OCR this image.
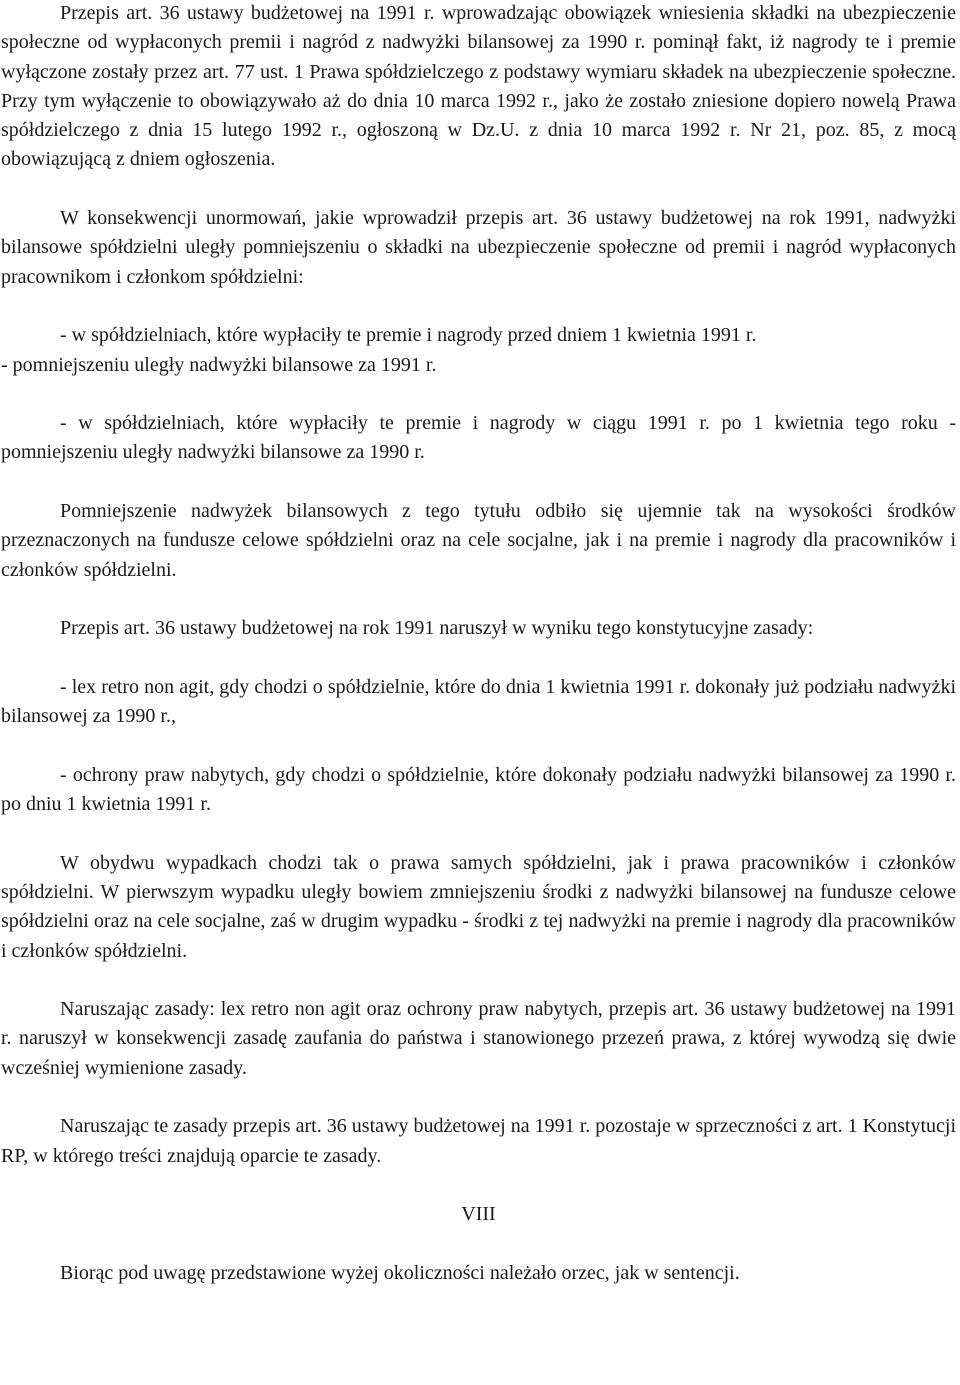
Przepis art. 36 ustawy budżetowej na 1991 r. wprowadzając obowiązek wniesienia składki na ubezpieczenie społeczne od wypłaconych premii i nagród z nadwyżki bilansowej za 1990 r. pominął fakt, iż nagrody te i premie wyłączone zostały przez art. 77 ust. 1 Prawa spółdzielczego z podstawy wymiaru składek na ubezpieczenie społeczne. Przy tym wyłączenie to obowiązywało aż do dnia 10 marca 1992 r., jako że zostało zniesione dopiero nowelą Prawa spółdzielczego z dnia 15 lutego 1992 r., ogłoszoną w Dz.U. z dnia 10 marca 1992 r. Nr 21, poz. 85, z mocą obowiązującą z dniem ogłoszenia.

W konsekwencji unormowań, jakie wprowadził przepis art. 36 ustawy budżetowej na rok 1991, nadwyżki bilansowe spółdzielni uległy pomniejszeniu o składki na ubezpieczenie społeczne od premii i nagród wypłaconych pracownikom i członkom spółdzielni:

- w spółdzielniach, które wypłaciły te premie i nagrody przed dniem 1 kwietnia 1991 r.

- pomniejszeniu uległy nadwyżki bilansowe za 1991 r.

- w spółdzielniach, które wypłaciły te premie i nagrody w ciągu 1991 r. po 1 kwietnia tego roku - pomniejszeniu uległy nadwyżki bilansowe za 1990 r.

Pomniejszenie nadwyżek bilansowych z tego tytułu odbiło się ujemnie tak na wysokości środków przeznaczonych na fundusze celowe spółdzielni oraz na cele socjalne, jak i na premie i nagrody dla pracowników i członków spółdzielni.

Przepis art. 36 ustawy budżetowej na rok 1991 naruszył w wyniku tego konstytucyjne zasady:

- lex retro non agit, gdy chodzi o spółdzielnie, które do dnia 1 kwietnia 1991 r. dokonały już podziału nadwyżki bilansowej za 1990 r.,

- ochrony praw nabytych, gdy chodzi o spółdzielnie, które dokonały podziału nadwyżki bilansowej za 1990 r. po dniu 1 kwietnia 1991 r.

W obydwu wypadkach chodzi tak o prawa samych spółdzielni, jak i prawa pracowników i członków spółdzielni. W pierwszym wypadku uległy bowiem zmniejszeniu środki z nadwyżki bilansowej na fundusze celowe spółdzielni oraz na cele socjalne, zaś w drugim wypadku - środki z tej nadwyżki na premie i nagrody dla pracowników i członków spółdzielni.

Naruszając zasady: lex retro non agit oraz ochrony praw nabytych, przepis art. 36 ustawy budżetowej na 1991 r. naruszył w konsekwencji zasadę zaufania do państwa i stanowionego przezeń prawa, z której wywodzą się dwie wcześniej wymienione zasady.

Naruszając te zasady przepis art. 36 ustawy budżetowej na 1991 r. pozostaje w sprzeczności z art. 1 Konstytucji RP, w którego treści znajdują oparcie te zasady.

VIII

Biorąc pod uwagę przedstawione wyżej okoliczności należało orzec, jak w sentencji.
